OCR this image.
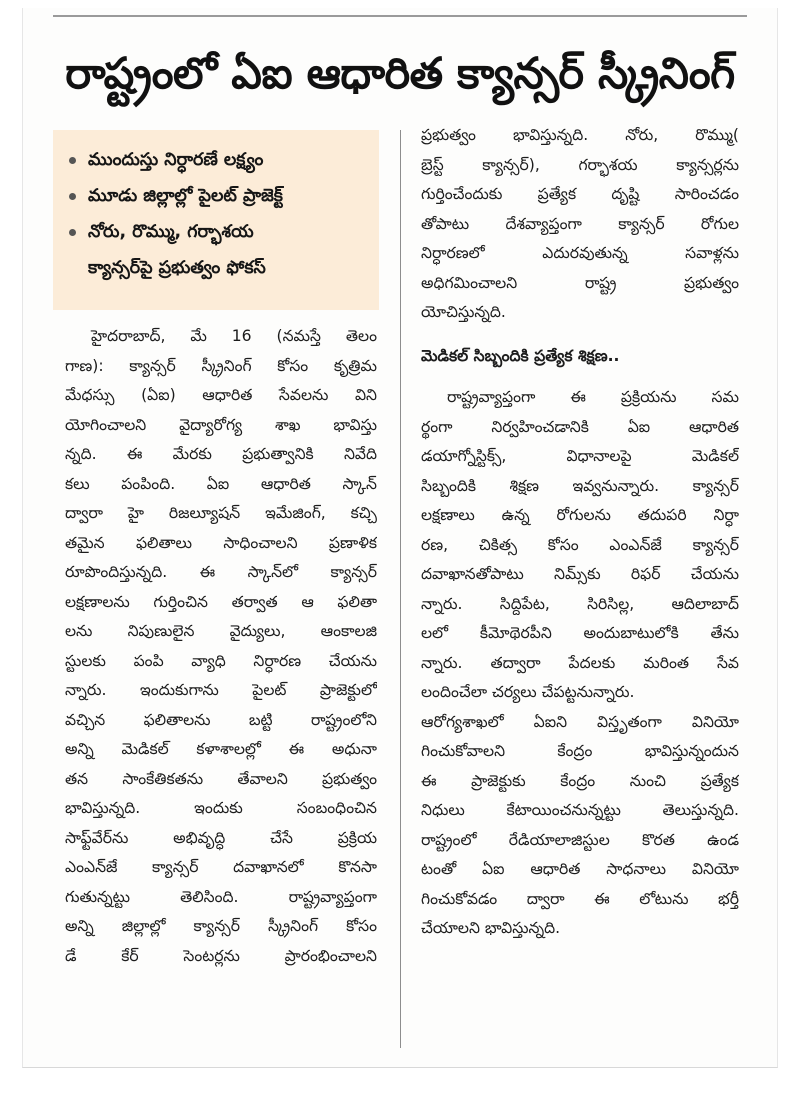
రాష్ట్రంలో ఏఐ ఆధారిత క్యాన్సర్ స్క్రీనింగ్
ముందుస్తు నిర్ధారణే లక్ష్యం
మూడు జిల్లాల్లో పైలట్ ప్రాజెక్ట్
నోరు, రొమ్ము, గర్భాశయ
క్యాన్సర్‌పై ప్రభుత్వం ఫోకస్
హైదరాబాద్, మే 16 (నమస్తే తెలం
గాణ): క్యాన్సర్ స్క్రీనింగ్ కోసం కృత్రిమ
మేధస్సు (ఏఐ) ఆధారిత సేవలను విని
యోగించాలని వైద్యారోగ్య శాఖ భావిస్తు
న్నది. ఈ మేరకు ప్రభుత్వానికి నివేది
కలు పంపింది. ఏఐ ఆధారిత స్కాన్
ద్వారా హై రిజల్యూషన్ ఇమేజింగ్, కచ్చి
తమైన ఫలితాలు సాధించాలని ప్రణాళిక
రూపొందిస్తున్నది. ఈ స్కాన్‌లో క్యాన్సర్
లక్షణాలను గుర్తించిన తర్వాత ఆ ఫలితా
లను నిపుణులైన వైద్యులు, ఆంకాలజి
స్టులకు పంపి వ్యాధి నిర్ధారణ చేయను
న్నారు. ఇందుకుగాను పైలట్ ప్రాజెక్టులో
వచ్చిన ఫలితాలను బట్టి రాష్ట్రంలోని
అన్ని మెడికల్ కళాశాలల్లో ఈ అధునా
తన సాంకేతికతను తేవాలని ప్రభుత్వం
భావిస్తున్నది. ఇందుకు సంబంధించిన
సాఫ్ట్‌వేర్‌ను అభివృద్ధి చేసే ప్రక్రియ
ఎంఎన్‌జే క్యాన్సర్ దవాఖానలో కొనసా
గుతున్నట్టు తెలిసింది. రాష్ట్రవ్యాప్తంగా
అన్ని జిల్లాల్లో క్యాన్సర్ స్క్రీనింగ్ కోసం
డే కేర్ సెంటర్లను ప్రారంభించాలని
ప్రభుత్వం భావిస్తున్నది. నోరు, రొమ్ము(
బ్రెస్ట్ క్యాన్సర్), గర్భాశయ క్యాన్సర్లను
గుర్తించేందుకు ప్రత్యేక దృష్టి సారించడం
తోపాటు దేశవ్యాప్తంగా క్యాన్సర్ రోగుల
నిర్ధారణలో ఎదురవుతున్న సవాళ్లను
అధిగమించాలని రాష్ట్ర ప్రభుత్వం
యోచిస్తున్నది.
మెడికల్ సిబ్బందికి ప్రత్యేక శిక్షణ..
రాష్ట్రవ్యాప్తంగా ఈ ప్రక్రియను సమ
ర్థంగా నిర్వహించడానికి ఏఐ ఆధారిత
డయాగ్నోస్టిక్స్, విధానాలపై మెడికల్
సిబ్బందికి శిక్షణ ఇవ్వనున్నారు. క్యాన్సర్
లక్షణాలు ఉన్న రోగులను తదుపరి నిర్ధా
రణ, చికిత్స కోసం ఎంఎన్‌జే క్యాన్సర్
దవాఖానతోపాటు నిమ్స్‌కు రిఫర్ చేయను
న్నారు. సిద్దిపేట, సిరిసిల్ల, ఆదిలాబాద్
లలో కీమోథెరపీని అందుబాటులోకి తేను
న్నారు. తద్వారా పేదలకు మరింత సేవ
లందించేలా చర్యలు చేపట్టనున్నారు.
ఆరోగ్యశాఖలో ఏఐని విస్తృతంగా వినియో
గించుకోవాలని కేంద్రం భావిస్తున్నందున
ఈ ప్రాజెక్టుకు కేంద్రం నుంచి ప్రత్యేక
నిధులు కేటాయించనున్నట్టు తెలుస్తున్నది.
రాష్ట్రంలో రేడియాలాజిస్టుల కొరత ఉండ
టంతో ఏఐ ఆధారిత సాధనాలు వినియో
గించుకోవడం ద్వారా ఈ లోటును భర్తీ
చేయాలని భావిస్తున్నది.
